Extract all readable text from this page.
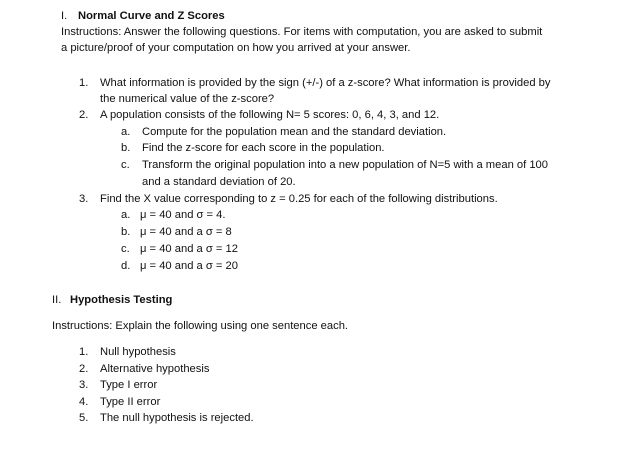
I. Normal Curve and Z Scores
Instructions: Answer the following questions. For items with computation, you are asked to submit
a picture/proof of your computation on how you arrived at your answer.
1. What information is provided by the sign (+/-) of a z-score? What information is provided by
the numerical value of the z-score?
2. A population consists of the following N= 5 scores: 0, 6, 4, 3, and 12.
a. Compute for the population mean and the standard deviation.
b. Find the z-score for each score in the population.
c. Transform the original population into a new population of N=5 with a mean of 100
and a standard deviation of 20.
3. Find the X value corresponding to z = 0.25 for each of the following distributions.
a. μ = 40 and σ = 4.
b. μ = 40 and a σ = 8
c. μ = 40 and a σ = 12
d. μ = 40 and a σ = 20
II. Hypothesis Testing
Instructions: Explain the following using one sentence each.
1. Null hypothesis
2. Alternative hypothesis
3. Type I error
4. Type II error
5. The null hypothesis is rejected.
